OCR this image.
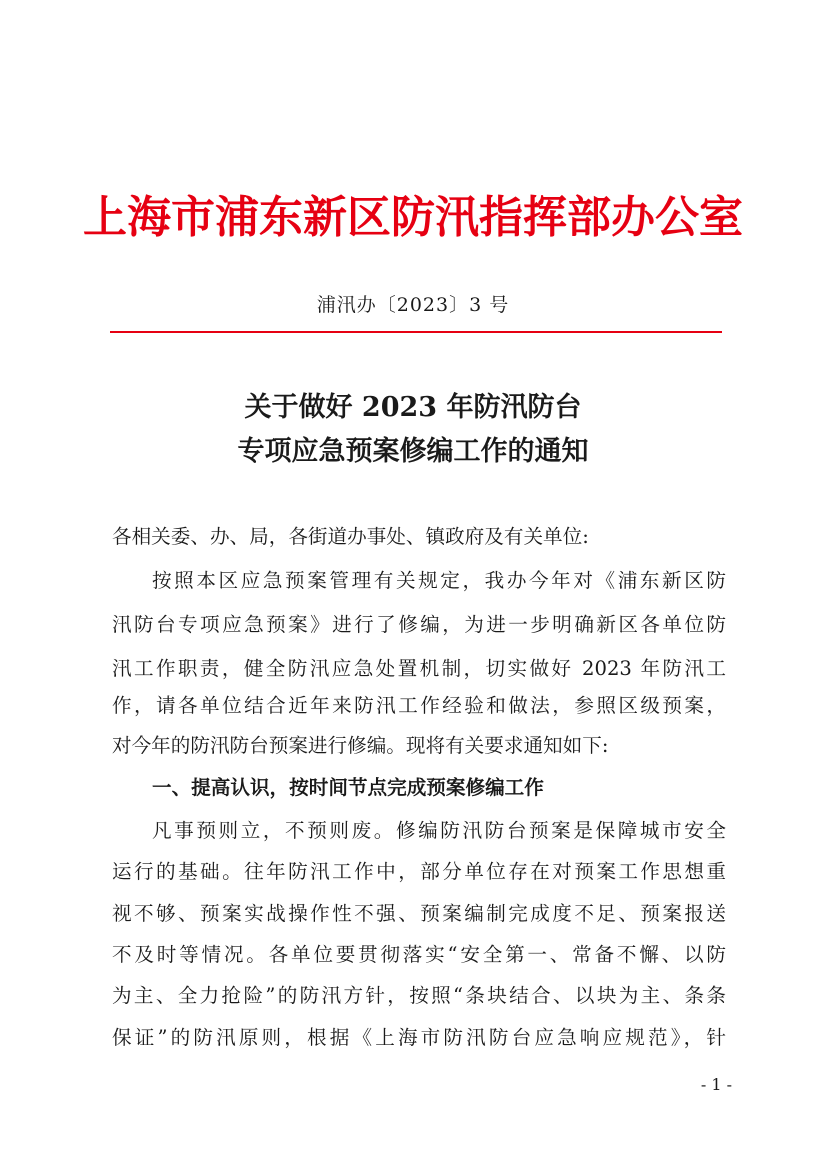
上海市浦东新区防汛指挥部办公室
浦汛办〔2023〕3 号
关于做好 2023 年防汛防台
专项应急预案修编工作的通知
各相关委、办、局，各街道办事处、镇政府及有关单位:
按照本区应急预案管理有关规定，我办今年对《浦东新区防
汛防台专项应急预案》进行了修编，为进一步明确新区各单位防
汛工作职责，健全防汛应急处置机制，切实做好 2023 年防汛工
作，请各单位结合近年来防汛工作经验和做法，参照区级预案，
对今年的防汛防台预案进行修编。现将有关要求通知如下:
一、提高认识，按时间节点完成预案修编工作
凡事预则立，不预则废。修编防汛防台预案是保障城市安全
运行的基础。往年防汛工作中，部分单位存在对预案工作思想重
视不够、预案实战操作性不强、预案编制完成度不足、预案报送
不及时等情况。各单位要贯彻落实“安全第一、常备不懈、以防
为主、全力抢险”的防汛方针，按照“条块结合、以块为主、条条
保证”的防汛原则，根据《上海市防汛防台应急响应规范》，针
- 1 -
